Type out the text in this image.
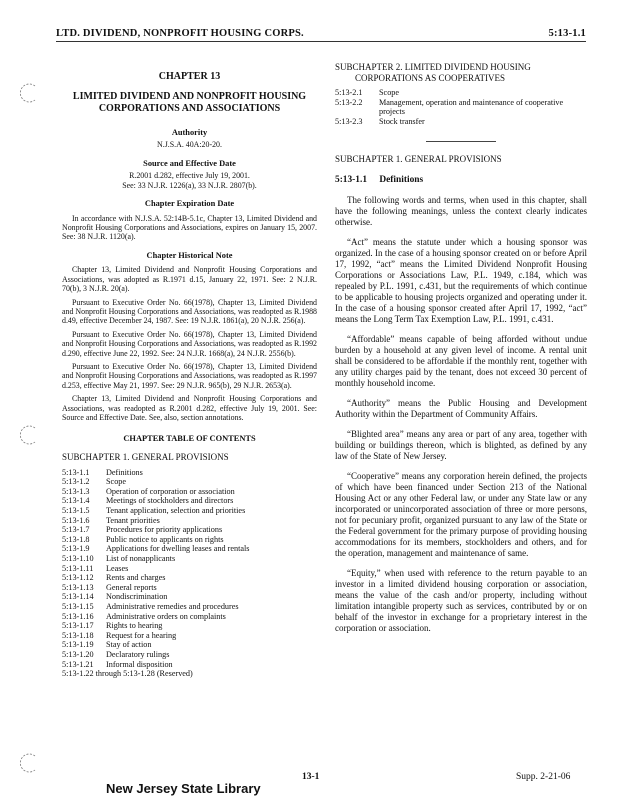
LTD. DIVIDEND, NONPROFIT HOUSING CORPS.	5:13-1.1
CHAPTER 13
LIMITED DIVIDEND AND NONPROFIT HOUSING
CORPORATIONS AND ASSOCIATIONS
Authority
N.J.S.A. 40A:20-20.
Source and Effective Date
R.2001 d.282, effective July 19, 2001.
See: 33 N.J.R. 1226(a), 33 N.J.R. 2807(b).
Chapter Expiration Date

In accordance with N.J.S.A. 52:14B-5.1c, Chapter 13, Limited Dividend and Nonprofit Housing Corporations and Associations, expires on January 15, 2007. See: 38 N.J.R. 1120(a).

Chapter Historical Note

Chapter 13, Limited Dividend and Nonprofit Housing Corporations and Associations, was adopted as R.1971 d.15, January 22, 1971. See: 2 N.J.R. 70(b), 3 N.J.R. 20(a).

Pursuant to Executive Order No. 66(1978), Chapter 13, Limited Dividend and Nonprofit Housing Corporations and Associations, was readopted as R.1988 d.49, effective December 24, 1987. See: 19 N.J.R. 1861(a), 20 N.J.R. 256(a).

Pursuant to Executive Order No. 66(1978), Chapter 13, Limited Dividend and Nonprofit Housing Corporations and Associations, was readopted as R.1992 d.290, effective June 22, 1992. See: 24 N.J.R. 1668(a), 24 N.J.R. 2556(b).

Pursuant to Executive Order No. 66(1978), Chapter 13, Limited Dividend and Nonprofit Housing Corporations and Associations, was readopted as R.1997 d.253, effective May 21, 1997. See: 29 N.J.R. 965(b), 29 N.J.R. 2653(a).

Chapter 13, Limited Dividend and Nonprofit Housing Corporations and Associations, was readopted as R.2001 d.282, effective July 19, 2001. See: Source and Effective Date. See, also, section annotations.

CHAPTER TABLE OF CONTENTS
SUBCHAPTER 1. GENERAL PROVISIONS
5:13-1.1	Definitions
5:13-1.2	Scope
5:13-1.3	Operation of corporation or association
5:13-1.4	Meetings of stockholders and directors
5:13-1.5	Tenant application, selection and priorities
5:13-1.6	Tenant priorities
5:13-1.7	Procedures for priority applications
5:13-1.8	Public notice to applicants on rights
5:13-1.9	Applications for dwelling leases and rentals
5:13-1.10	List of nonapplicants
5:13-1.11	Leases
5:13-1.12	Rents and charges
5:13-1.13	General reports
5:13-1.14	Nondiscrimination
5:13-1.15	Administrative remedies and procedures
5:13-1.16	Administrative orders on complaints
5:13-1.17	Rights to hearing
5:13-1.18	Request for a hearing
5:13-1.19	Stay of action
5:13-1.20	Declaratory rulings
5:13-1.21	Informal disposition
5:13-1.22 through 5:13-1.28 (Reserved)
SUBCHAPTER 2. LIMITED DIVIDEND HOUSING
CORPORATIONS AS COOPERATIVES
5:13-2.1	Scope
5:13-2.2	Management, operation and maintenance of cooperative
projects
5:13-2.3	Stock transfer
SUBCHAPTER 1. GENERAL PROVISIONS
5:13-1.1 Definitions

The following words and terms, when used in this chapter, shall have the following meanings, unless the context clearly indicates otherwise.

“Act” means the statute under which a housing sponsor was organized. In the case of a housing sponsor created on or before April 17, 1992, “act” means the Limited Dividend Nonprofit Housing Corporations or Associations Law, P.L. 1949, c.184, which was repealed by P.L. 1991, c.431, but the requirements of which continue to be applicable to housing projects organized and operating under it. In the case of a housing sponsor created after April 17, 1992, “act” means the Long Term Tax Exemption Law, P.L. 1991, c.431.

“Affordable” means capable of being afforded without undue burden by a household at any given level of income. A rental unit shall be considered to be affordable if the monthly rent, together with any utility charges paid by the tenant, does not exceed 30 percent of monthly household income.

“Authority” means the Public Housing and Development Authority within the Department of Community Affairs.

“Blighted area” means any area or part of any area, together with building or buildings thereon, which is blighted, as defined by any law of the State of New Jersey.

“Cooperative” means any corporation herein defined, the projects of which have been financed under Section 213 of the National Housing Act or any other Federal law, or under any State law or any incorporated or unincorporated association of three or more persons, not for pecuniary profit, organized pursuant to any law of the State or the Federal government for the primary purpose of providing housing accommodations for its members, stockholders and others, and for the operation, management and maintenance of same.

“Equity,” when used with reference to the return payable to an investor in a limited dividend housing corporation or association, means the value of the cash and/or property, including without limitation intangible property such as services, contributed by or on behalf of the investor in exchange for a proprietary interest in the corporation or association.

13-1	Supp. 2-21-06
New Jersey State Library
